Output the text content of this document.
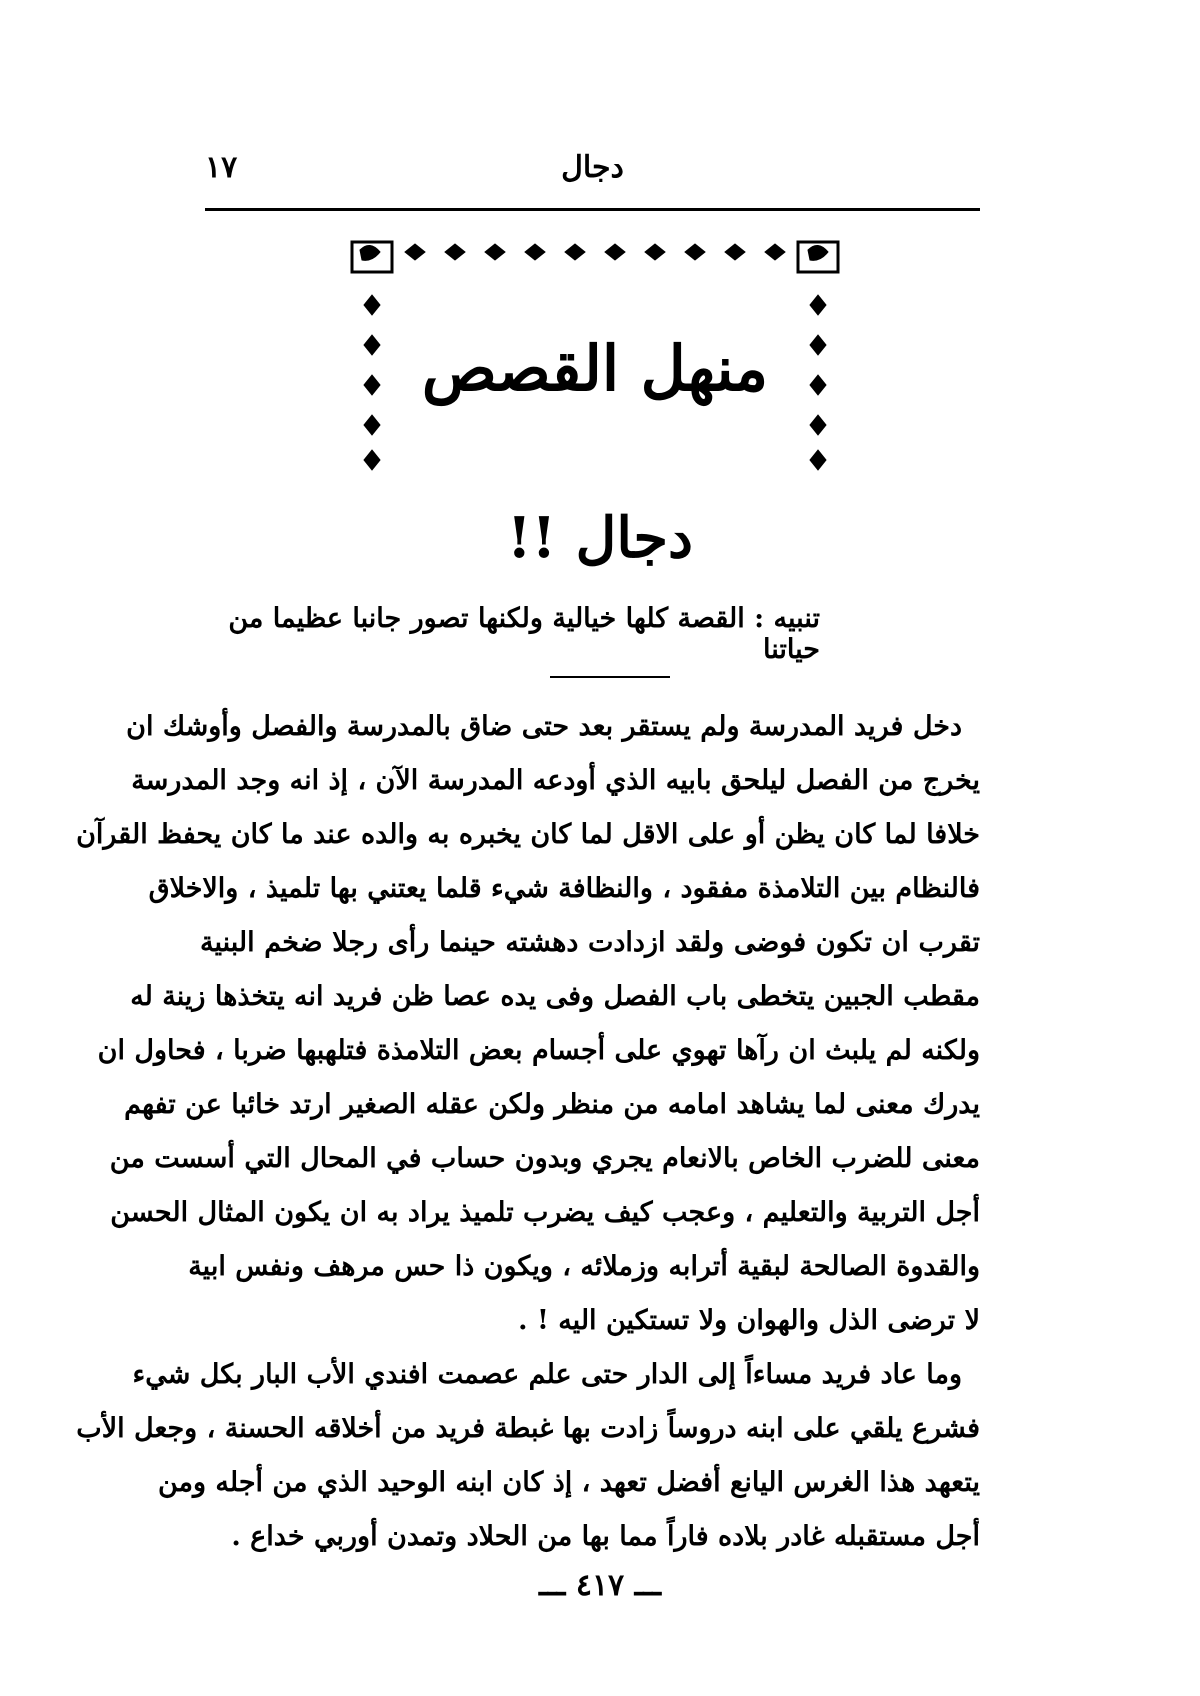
دجال
١٧
منهل القصص
دجال !!
تنبيه : القصة كلها خيالية ولكنها تصور جانبا عظيما من حياتنا
دخل فريد المدرسة ولم يستقر بعد حتى ضاق بالمدرسة والفصل وأوشك ان
يخرج من الفصل ليلحق بابيه الذي أودعه المدرسة الآن ، إذ انه وجد المدرسة
خلافا لما كان يظن أو على الاقل لما كان يخبره به والده عند ما كان يحفظ القرآن
فالنظام بين التلامذة مفقود ، والنظافة شيء قلما يعتني بها تلميذ ، والاخلاق
تقرب ان تكون فوضى ولقد ازدادت دهشته حينما رأى رجلا ضخم البنية
مقطب الجبين يتخطى باب الفصل وفى يده عصا ظن فريد انه يتخذها زينة له
ولكنه لم يلبث ان رآها تهوي على أجسام بعض التلامذة فتلهبها ضربا ، فحاول ان
يدرك معنى لما يشاهد امامه من منظر ولكن عقله الصغير ارتد خائبا عن تفهم
معنى للضرب الخاص بالانعام يجري وبدون حساب في المحال التي أسست من
أجل التربية والتعليم ، وعجب كيف يضرب تلميذ يراد به ان يكون المثال الحسن
والقدوة الصالحة لبقية أترابه وزملائه ، ويكون ذا حس مرهف ونفس ابية
لا ترضى الذل والهوان ولا تستكين اليه ! .
وما عاد فريد مساءاً إلى الدار حتى علم عصمت افندي الأب البار بكل شيء
فشرع يلقي على ابنه دروساً زادت بها غبطة فريد من أخلاقه الحسنة ، وجعل الأب
يتعهد هذا الغرس اليانع أفضل تعهد ، إذ كان ابنه الوحيد الذي من أجله ومن
أجل مستقبله غادر بلاده فاراً مما بها من الحلاد وتمدن أوربي خداع .
ـــ ٤١٧ ـــ
